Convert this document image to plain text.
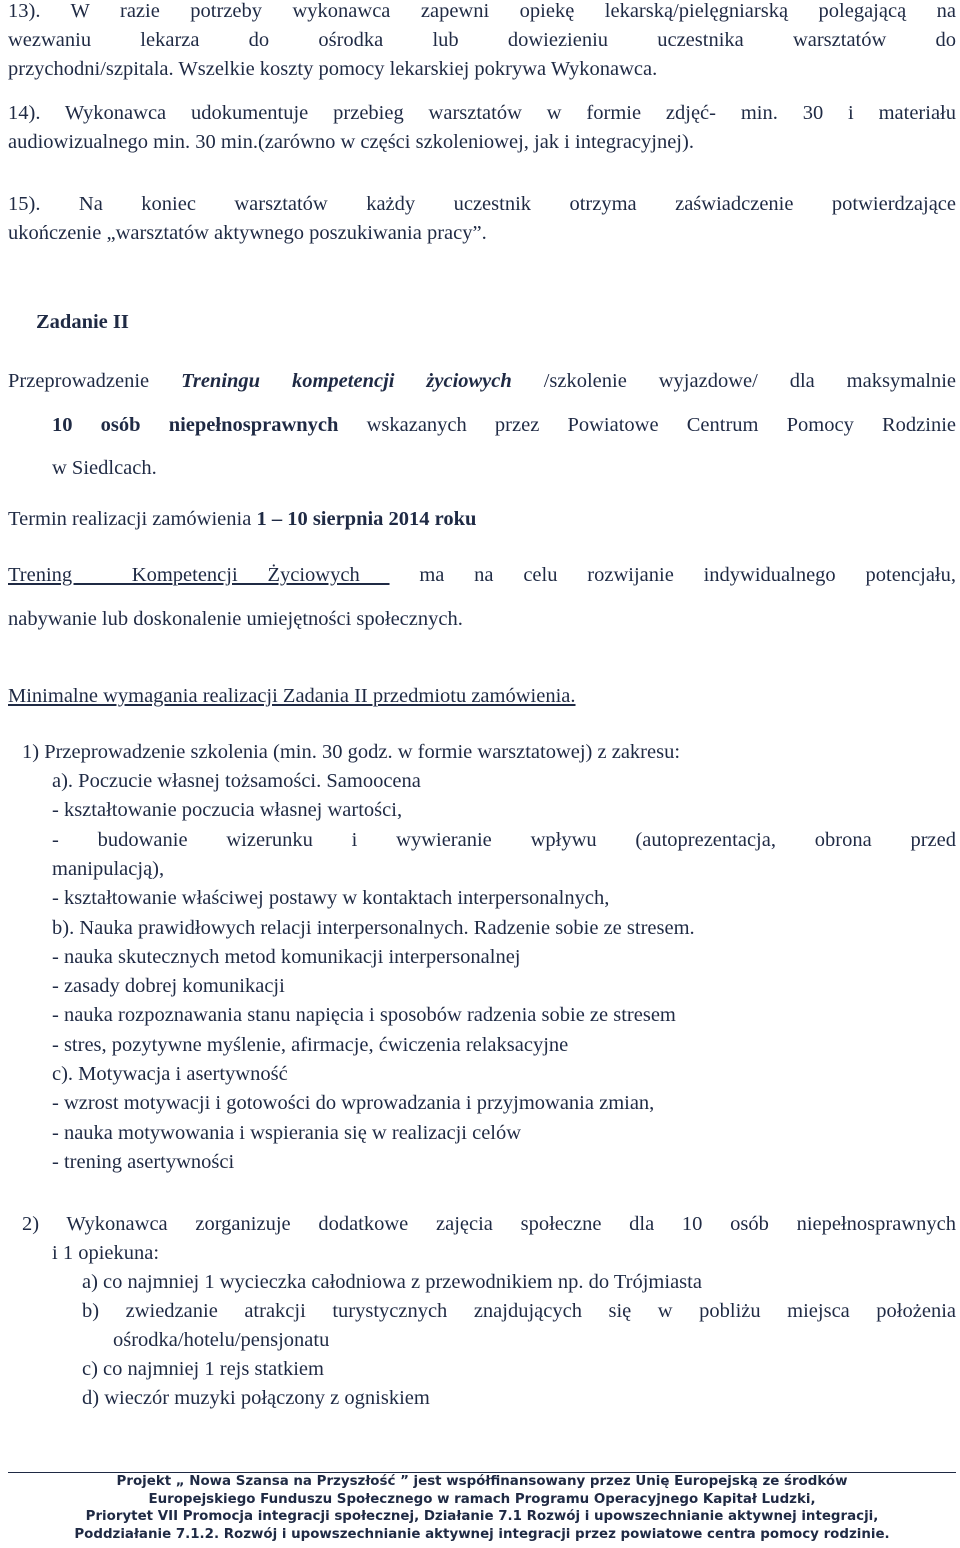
13). W razie potrzeby wykonawca zapewni opiekę lekarską/pielęgniarską polegającą na
wezwaniu lekarza do ośrodka lub dowiezieniu uczestnika warsztatów do
przychodni/szpitala. Wszelkie koszty pomocy lekarskiej pokrywa Wykonawca.
14). Wykonawca udokumentuje przebieg warsztatów w formie zdjęć- min. 30 i materiału
audiowizualnego min. 30 min.(zarówno w części szkoleniowej, jak i integracyjnej).
15). Na koniec warsztatów każdy uczestnik otrzyma zaświadczenie potwierdzające
ukończenie „warsztatów aktywnego poszukiwania pracy”.
Zadanie II
Przeprowadzenie Treningu kompetencji życiowych /szkolenie wyjazdowe/ dla maksymalnie
10 osób niepełnosprawnych wskazanych przez Powiatowe Centrum Pomocy Rodzinie
w Siedlcach.
Termin realizacji zamówienia 1 – 10 sierpnia 2014 roku
Trening  Kompetencji Życiowych  ma na celu rozwijanie indywidualnego potencjału,
nabywanie lub doskonalenie umiejętności społecznych.
Minimalne wymagania realizacji Zadania II przedmiotu zamówienia.
1) Przeprowadzenie szkolenia (min. 30 godz. w formie warsztatowej) z zakresu:
a). Poczucie własnej tożsamości. Samoocena
- kształtowanie poczucia własnej wartości,
- budowanie wizerunku i wywieranie wpływu (autoprezentacja, obrona przed
manipulacją),
- kształtowanie właściwej postawy w kontaktach interpersonalnych,
b). Nauka prawidłowych relacji interpersonalnych. Radzenie sobie ze stresem.
- nauka skutecznych metod komunikacji interpersonalnej
- zasady dobrej komunikacji
- nauka rozpoznawania stanu napięcia i sposobów radzenia sobie ze stresem
- stres, pozytywne myślenie, afirmacje, ćwiczenia relaksacyjne
c). Motywacja i asertywność
- wzrost motywacji i gotowości do wprowadzania i przyjmowania zmian,
- nauka motywowania i wspierania się w realizacji celów
- trening asertywności
2) Wykonawca zorganizuje dodatkowe zajęcia społeczne dla 10 osób niepełnosprawnych
i 1 opiekuna:
a) co najmniej 1 wycieczka całodniowa z przewodnikiem np. do Trójmiasta
b) zwiedzanie atrakcji turystycznych znajdujących się w pobliżu miejsca położenia
ośrodka/hotelu/pensjonatu
c) co najmniej 1 rejs statkiem
d) wieczór muzyki połączony z ogniskiem
Projekt „ Nowa Szansa na Przyszłość ” jest współfinansowany przez Unię Europejską ze środków
Europejskiego Funduszu Społecznego w ramach Programu Operacyjnego Kapitał Ludzki,
Priorytet VII Promocja integracji społecznej, Działanie 7.1 Rozwój i upowszechnianie aktywnej integracji,
Poddziałanie 7.1.2. Rozwój i upowszechnianie aktywnej integracji przez powiatowe centra pomocy rodzinie.
